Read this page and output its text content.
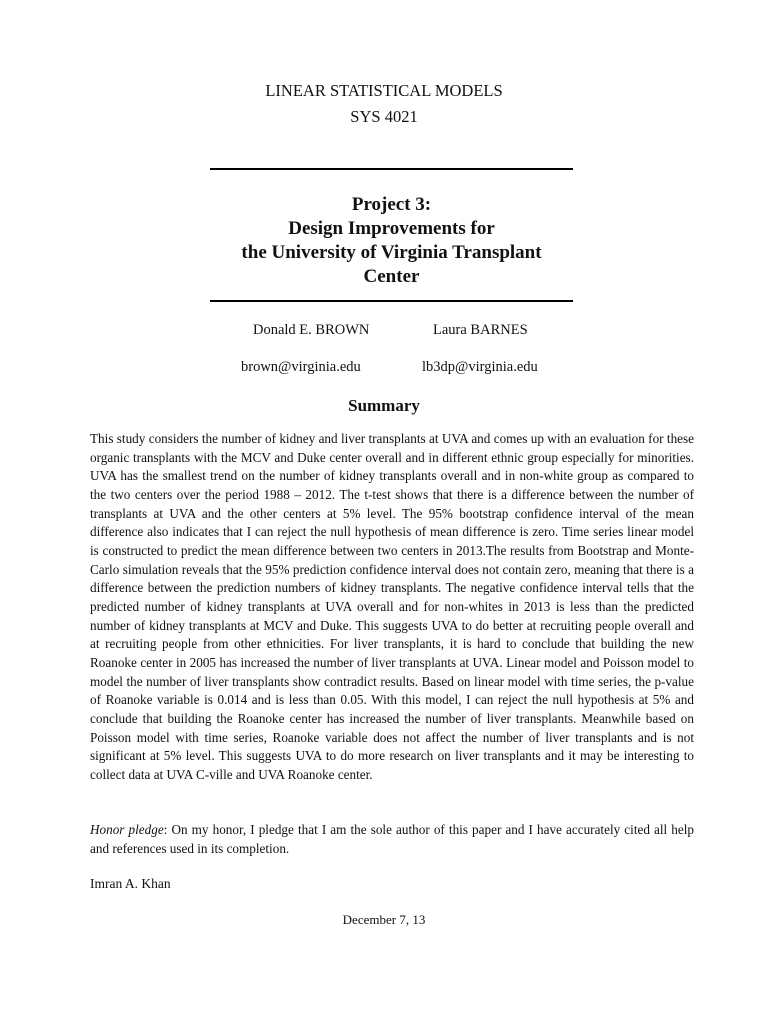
LINEAR STATISTICAL MODELS
SYS 4021
Project 3:
Design Improvements for
the University of Virginia Transplant
Center
Donald E. BROWN	Laura BARNES
brown@virginia.edu	lb3dp@virginia.edu
Summary

This study considers the number of kidney and liver transplants at UVA and comes up with an evaluation for these organic transplants with the MCV and Duke center overall and in different ethnic group especially for minorities. UVA has the smallest trend on the number of kidney transplants overall and in non-white group as compared to the two centers over the period 1988 – 2012. The t-test shows that there is a difference between the number of transplants at UVA and the other centers at 5% level. The 95% bootstrap confidence interval of the mean difference also indicates that I can reject the null hypothesis of mean difference is zero. Time series linear model is constructed to predict the mean difference between two centers in 2013.The results from Bootstrap and Monte-Carlo simulation reveals that the 95% prediction confidence interval does not contain zero, meaning that there is a difference between the prediction numbers of kidney transplants. The negative confidence interval tells that the predicted number of kidney transplants at UVA overall and for non-whites in 2013 is less than the predicted number of kidney transplants at MCV and Duke. This suggests UVA to do better at recruiting people overall and at recruiting people from other ethnicities. For liver transplants, it is hard to conclude that building the new Roanoke center in 2005 has increased the number of liver transplants at UVA. Linear model and Poisson model to model the number of liver transplants show contradict results. Based on linear model with time series, the p-value of Roanoke variable is 0.014 and is less than 0.05. With this model, I can reject the null hypothesis at 5% and conclude that building the Roanoke center has increased the number of liver transplants. Meanwhile based on Poisson model with time series, Roanoke variable does not affect the number of liver transplants and is not significant at 5% level. This suggests UVA to do more research on liver transplants and it may be interesting to collect data at UVA C-ville and UVA Roanoke center.

Honor pledge: On my honor, I pledge that I am the sole author of this paper and I have accurately cited all help and references used in its completion.

Imran A. Khan
December 7, 13
